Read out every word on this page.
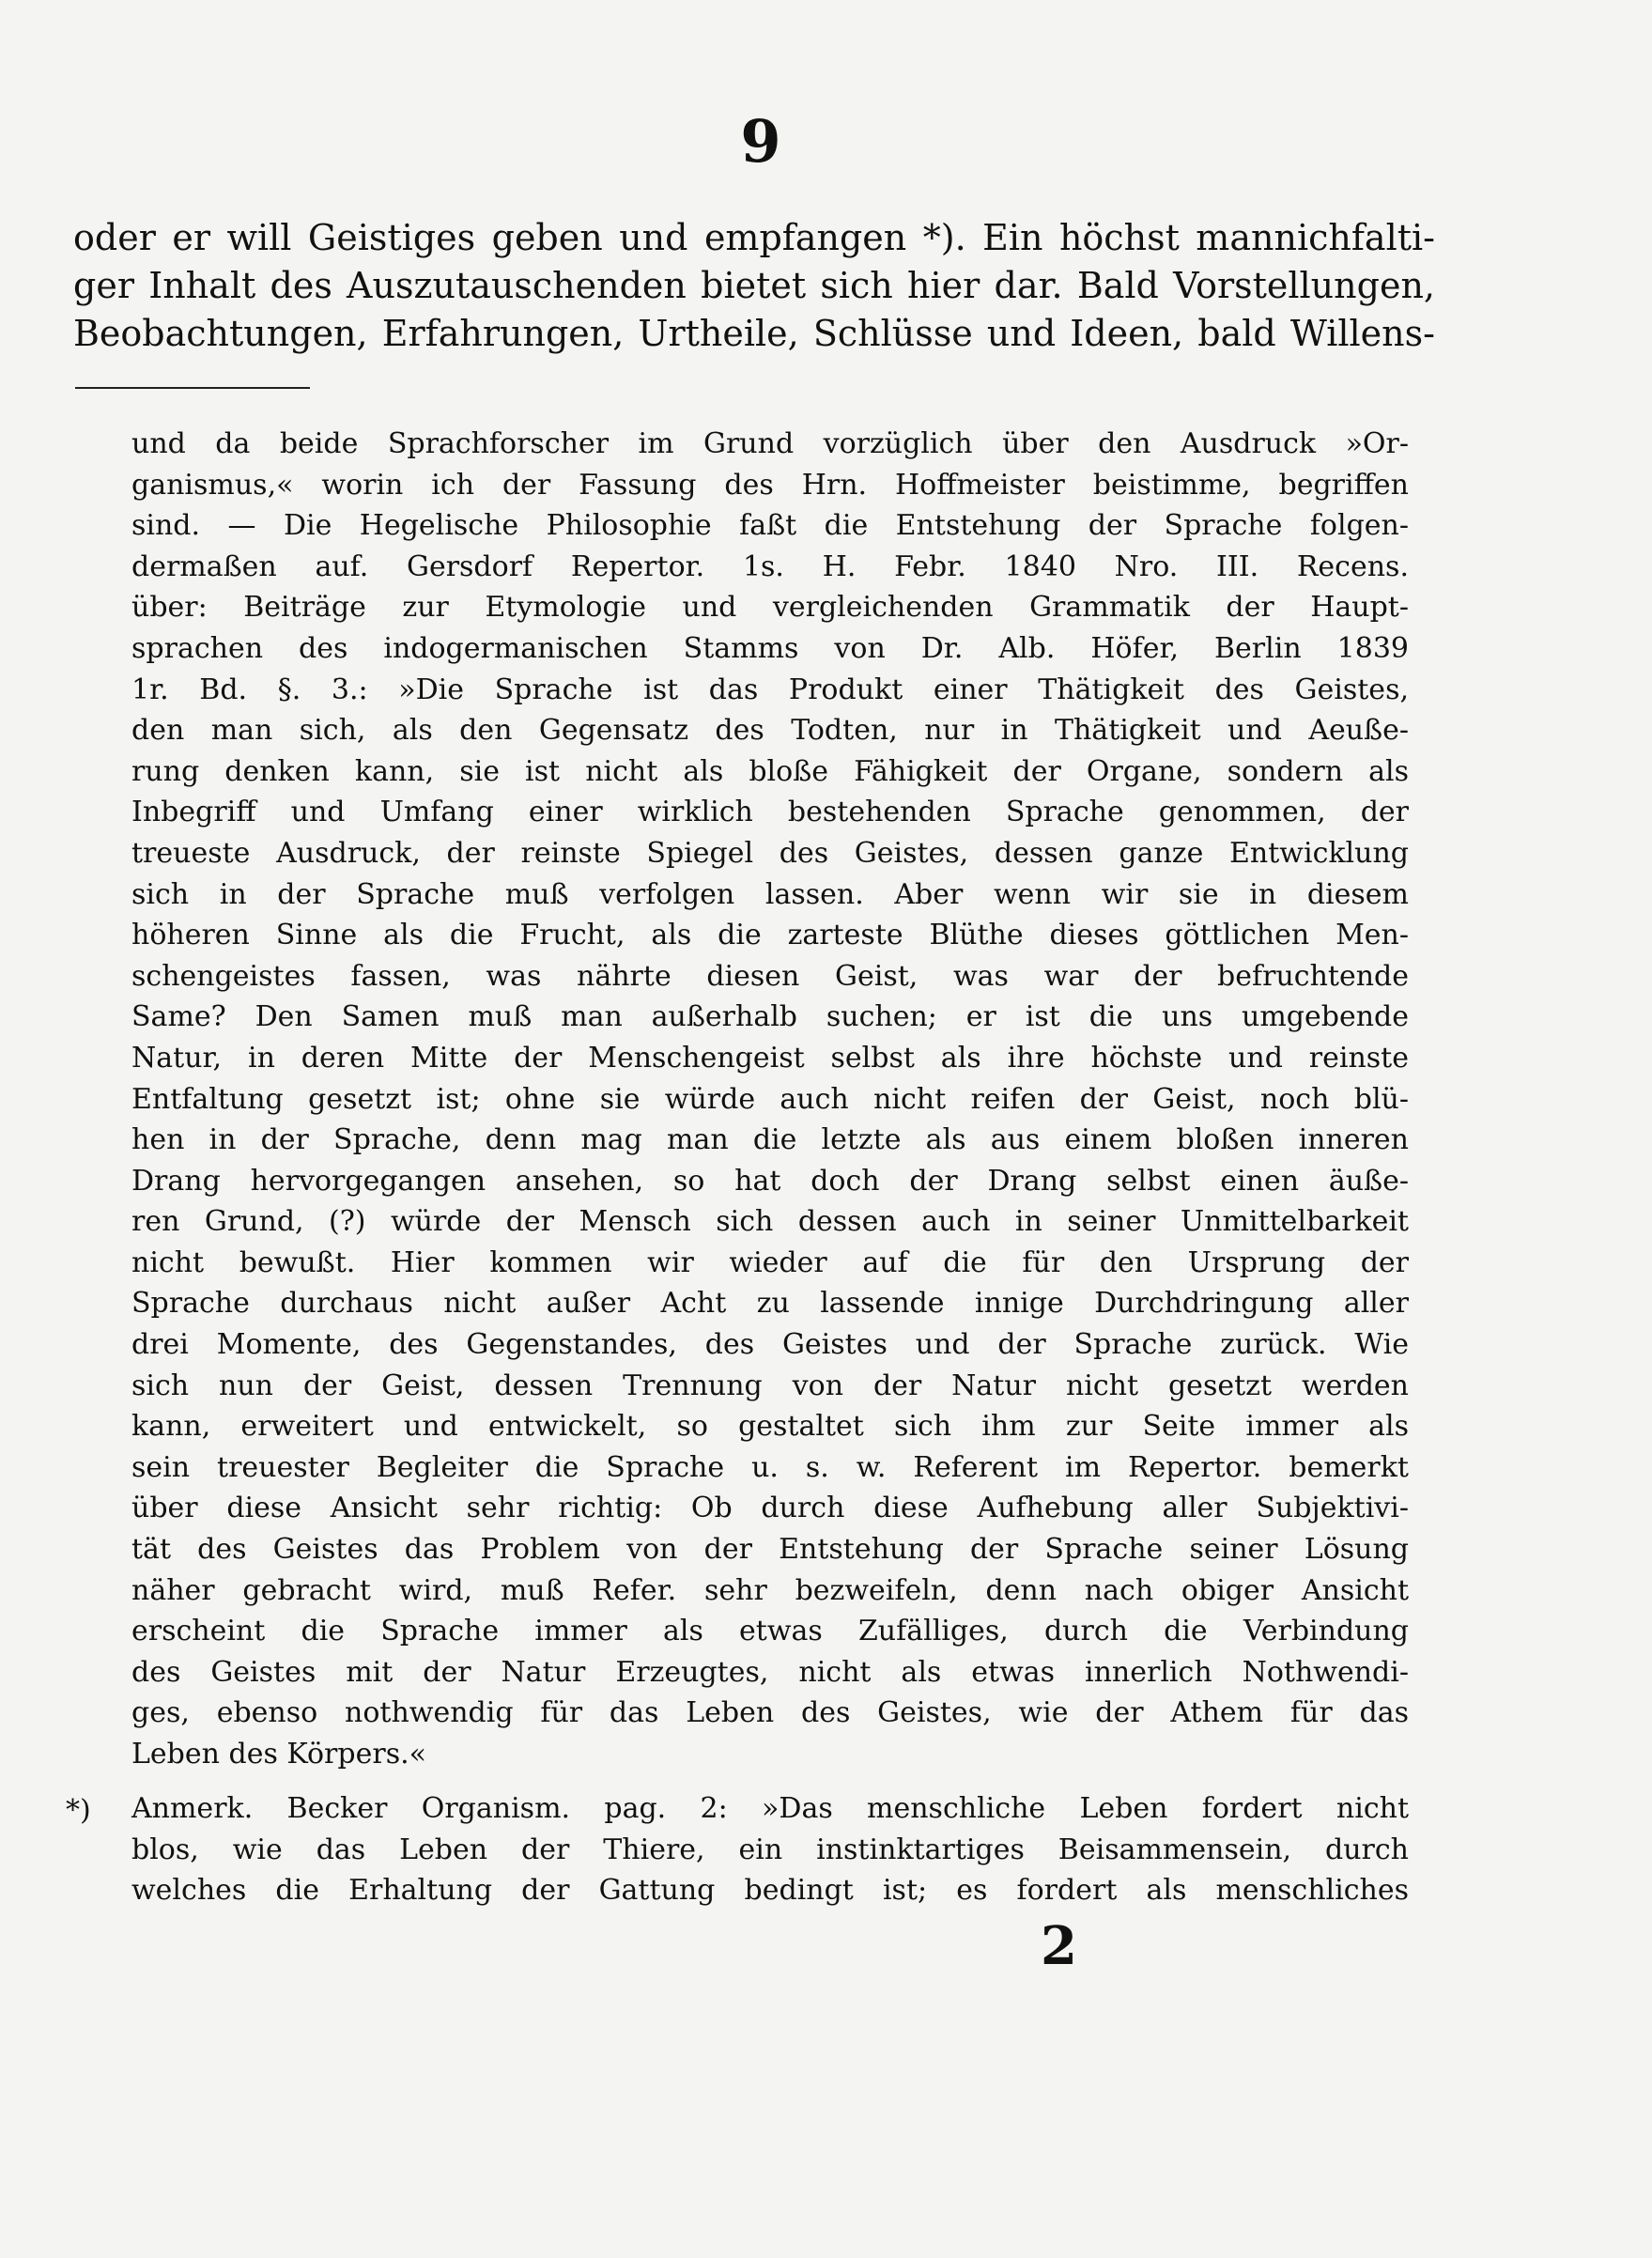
9
oder er will Geistiges geben und empfangen *). Ein höchst mannichfalti-
ger Inhalt des Auszutauschenden bietet sich hier dar. Bald Vorstellungen,
Beobachtungen, Erfahrungen, Urtheile, Schlüsse und Ideen, bald Willens-
und da beide Sprachforscher im Grund vorzüglich über den Ausdruck »Or-
ganismus,« worin ich der Fassung des Hrn. Hoffmeister beistimme, begriffen
sind. — Die Hegelische Philosophie faßt die Entstehung der Sprache folgen-
dermaßen auf. Gersdorf Repertor. 1s. H. Febr. 1840 Nro. III. Recens.
über: Beiträge zur Etymologie und vergleichenden Grammatik der Haupt-
sprachen des indogermanischen Stamms von Dr. Alb. Höfer, Berlin 1839
1r. Bd. §. 3.: »Die Sprache ist das Produkt einer Thätigkeit des Geistes,
den man sich, als den Gegensatz des Todten, nur in Thätigkeit und Aeuße-
rung denken kann, sie ist nicht als bloße Fähigkeit der Organe, sondern als
Inbegriff und Umfang einer wirklich bestehenden Sprache genommen, der
treueste Ausdruck, der reinste Spiegel des Geistes, dessen ganze Entwicklung
sich in der Sprache muß verfolgen lassen. Aber wenn wir sie in diesem
höheren Sinne als die Frucht, als die zarteste Blüthe dieses göttlichen Men-
schengeistes fassen, was nährte diesen Geist, was war der befruchtende
Same? Den Samen muß man außerhalb suchen; er ist die uns umgebende
Natur, in deren Mitte der Menschengeist selbst als ihre höchste und reinste
Entfaltung gesetzt ist; ohne sie würde auch nicht reifen der Geist, noch blü-
hen in der Sprache, denn mag man die letzte als aus einem bloßen inneren
Drang hervorgegangen ansehen, so hat doch der Drang selbst einen äuße-
ren Grund, (?) würde der Mensch sich dessen auch in seiner Unmittelbarkeit
nicht bewußt. Hier kommen wir wieder auf die für den Ursprung der
Sprache durchaus nicht außer Acht zu lassende innige Durchdringung aller
drei Momente, des Gegenstandes, des Geistes und der Sprache zurück. Wie
sich nun der Geist, dessen Trennung von der Natur nicht gesetzt werden
kann, erweitert und entwickelt, so gestaltet sich ihm zur Seite immer als
sein treuester Begleiter die Sprache u. s. w. Referent im Repertor. bemerkt
über diese Ansicht sehr richtig: Ob durch diese Aufhebung aller Subjektivi-
tät des Geistes das Problem von der Entstehung der Sprache seiner Lösung
näher gebracht wird, muß Refer. sehr bezweifeln, denn nach obiger Ansicht
erscheint die Sprache immer als etwas Zufälliges, durch die Verbindung
des Geistes mit der Natur Erzeugtes, nicht als etwas innerlich Nothwendi-
ges, ebenso nothwendig für das Leben des Geistes, wie der Athem für das
Leben des Körpers.«
*) Anmerk. Becker Organism. pag. 2: »Das menschliche Leben fordert nicht
blos, wie das Leben der Thiere, ein instinktartiges Beisammensein, durch
welches die Erhaltung der Gattung bedingt ist; es fordert als menschliches
2
